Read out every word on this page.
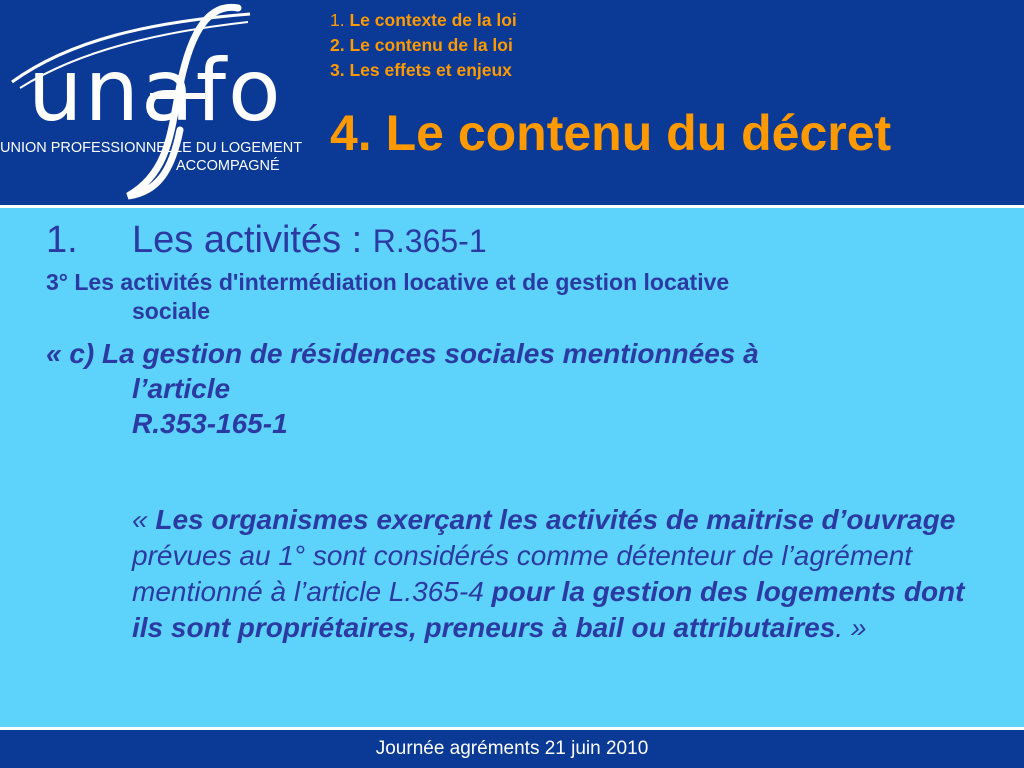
unafo
UNION PROFESSIONNELLE DU LOGEMENT
ACCOMPAGNÉ
1. Le contexte de la loi
2. Le contenu de la loi
3. Les effets et enjeux
4. Le contenu du décret
1. Les activités : R.365-1
3° Les activités d'intermédiation locative et de gestion locative
sociale
« c) La gestion de résidences sociales mentionnées à
l’article
R.353-165-1
« Les organismes exerçant les activités de maitrise d’ouvrage prévues au 1° sont considérés comme détenteur de l’agrément mentionné à l’article L.365-4 pour la gestion des logements dont ils sont propriétaires, preneurs à bail ou attributaires. »
Journée agréments 21 juin 2010
